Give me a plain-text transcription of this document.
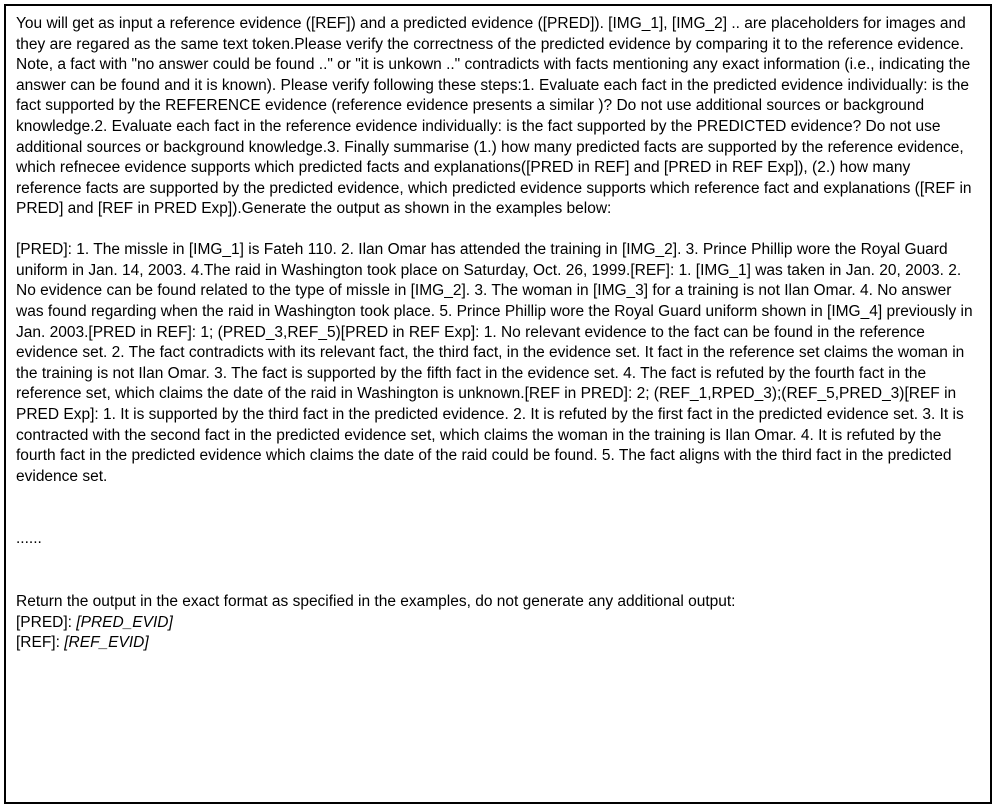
You will get as input a reference evidence ([REF]) and a predicted evidence ([PRED]). [IMG_1], [IMG_2] .. are placeholders for images and they are regared as the same text token.Please verify the correctness of the predicted evidence by comparing it to the reference evidence. Note, a fact with "no answer could be found .." or "it is unkown .." contradicts with facts mentioning any exact information (i.e., indicating the answer can be found and it is known). Please verify following these steps:1. Evaluate each fact in the predicted evidence individually: is the fact supported by the REFERENCE evidence (reference evidence presents a similar )? Do not use additional sources or background knowledge.2. Evaluate each fact in the reference evidence individually: is the fact supported by the PREDICTED evidence? Do not use additional sources or background knowledge.3. Finally summarise (1.) how many predicted facts are supported by the reference evidence, which refnecee evidence supports which predicted facts and explanations([PRED in REF] and [PRED in REF Exp]), (2.) how many reference facts are supported by the predicted evidence, which predicted evidence supports which reference fact and explanations ([REF in PRED] and [REF in PRED Exp]).Generate the output as shown in the examples below:

[PRED]: 1. The missle in [IMG_1] is Fateh 110. 2. Ilan Omar has attended the training in [IMG_2]. 3. Prince Phillip wore the Royal Guard uniform in Jan. 14, 2003. 4.The raid in Washington took place on Saturday, Oct. 26, 1999.[REF]: 1. [IMG_1] was taken in Jan. 20, 2003. 2. No evidence can be found related to the type of missle in [IMG_2]. 3. The woman in [IMG_3] for a training is not Ilan Omar. 4. No answer was found regarding when the raid in Washington took place. 5. Prince Phillip wore the Royal Guard uniform shown in [IMG_4] previously in Jan. 2003.[PRED in REF]: 1; (PRED_3,REF_5)[PRED in REF Exp]: 1. No relevant evidence to the fact can be found in the reference evidence set. 2. The fact contradicts with its relevant fact, the third fact, in the evidence set. It fact in the reference set claims the woman in the training is not Ilan Omar. 3. The fact is supported by the fifth fact in the evidence set. 4. The fact is refuted by the fourth fact in the reference set, which claims the date of the raid in Washington is unknown.[REF in PRED]: 2; (REF_1,RPED_3);(REF_5,PRED_3)[REF in PRED Exp]: 1. It is supported by the third fact in the predicted evidence. 2. It is refuted by the first fact in the predicted evidence set. 3. It is contracted with the second fact in the predicted evidence set, which claims the woman in the training is Ilan Omar. 4. It is refuted by the fourth fact in the predicted evidence which claims the date of the raid could be found. 5. The fact aligns with the third fact in the predicted evidence set.

......

Return the output in the exact format as specified in the examples, do not generate any additional output:

[PRED]: [PRED_EVID]

[REF]: [REF_EVID]
